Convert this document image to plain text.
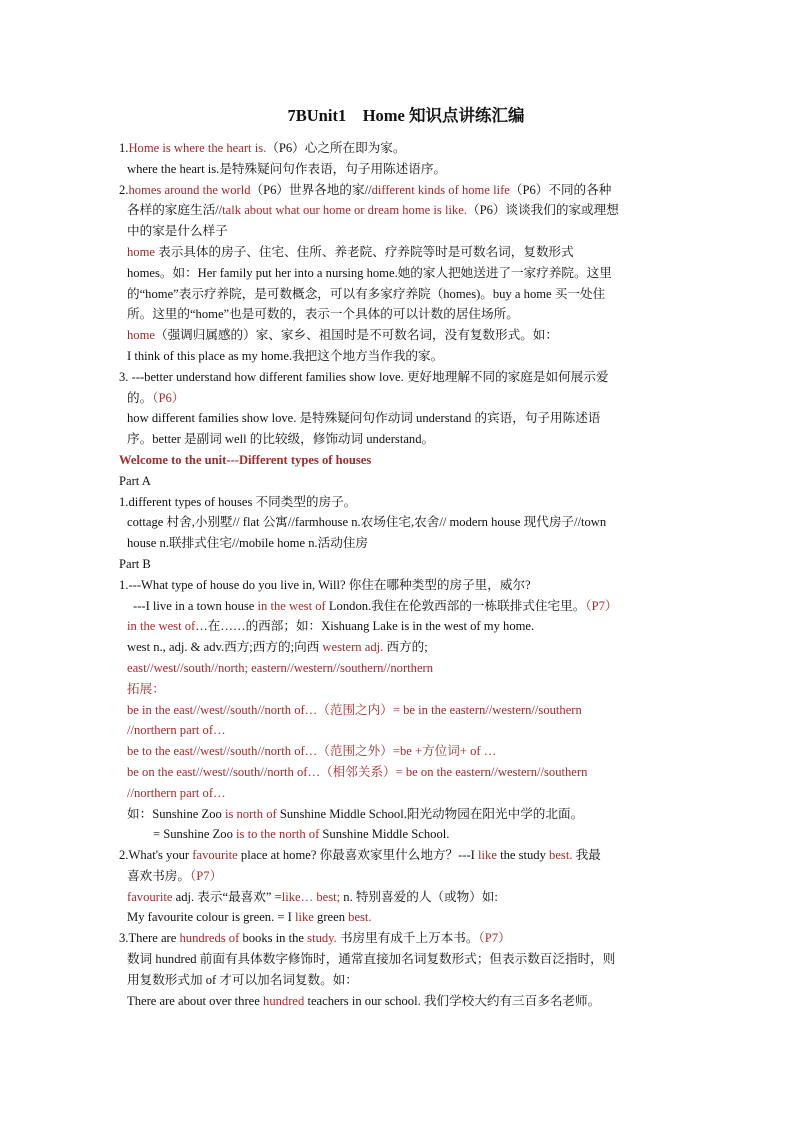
7BUnit1　Home 知识点讲练汇编
1.Home is where the heart is.（P6）心之所在即为家。
where the heart is.是特殊疑问句作表语，句子用陈述语序。
2.homes around the world（P6）世界各地的家//different kinds of home life（P6）不同的各种
各样的家庭生活//talk about what our home or dream home is like.（P6）谈谈我们的家或理想
中的家是什么样子
home 表示具体的房子、住宅、住所、养老院、疗养院等时是可数名词，复数形式
homes。如：Her family put her into a nursing home.她的家人把她送进了一家疗养院。这里
的“home”表示疗养院，是可数概念，可以有多家疗养院（homes)。buy a home 买一处住
所。这里的“home”也是可数的，表示一个具体的可以计数的居住场所。
home（强调归属感的）家、家乡、祖国时是不可数名词，没有复数形式。如：
I think of this place as my home.我把这个地方当作我的家。
3. ---better understand how different families show love. 更好地理解不同的家庭是如何展示爱
的。（P6）
how different families show love. 是特殊疑问句作动词 understand 的宾语，句子用陈述语
序。better 是副词 well 的比较级，修饰动词 understand。
Welcome to the unit---Different types of houses
Part A
1.different types of houses 不同类型的房子。
cottage 村舍,小别墅// flat 公寓//farmhouse n.农场住宅,农舍// modern house 现代房子//town
house n.联排式住宅//mobile home n.活动住房
Part B
1.---What type of house do you live in, Will? 你住在哪种类型的房子里，威尔?
---I live in a town house in the west of London.我住在伦敦西部的一栋联排式住宅里。（P7）
in the west of…在……的西部；如：Xishuang Lake is in the west of my home.
west n., adj. & adv.西方;西方的;向西 western adj. 西方的;
east//west//south//north; eastern//western//southern//northern
拓展：
be in the east//west//south//north of…（范围之内）= be in the eastern//western//southern
//northern part of…
be to the east//west//south//north of…（范围之外）=be +方位词+ of …
be on the east//west//south//north of…（相邻关系）= be on the eastern//western//southern
//northern part of…
如：Sunshine Zoo is north of Sunshine Middle School.阳光动物园在阳光中学的北面。
= Sunshine Zoo is to the north of Sunshine Middle School.
2.What's your favourite place at home? 你最喜欢家里什么地方？---I like the study best. 我最
喜欢书房。（P7）
favourite adj. 表示“最喜欢” =like… best; n. 特别喜爱的人（或物）如:
My favourite colour is green. = I like green best.
3.There are hundreds of books in the study. 书房里有成千上万本书。（P7）
数词 hundred 前面有具体数字修饰时，通常直接加名词复数形式；但表示数百泛指时，则
用复数形式加 of 才可以加名词复数。如：
There are about over three hundred teachers in our school. 我们学校大约有三百多名老师。
